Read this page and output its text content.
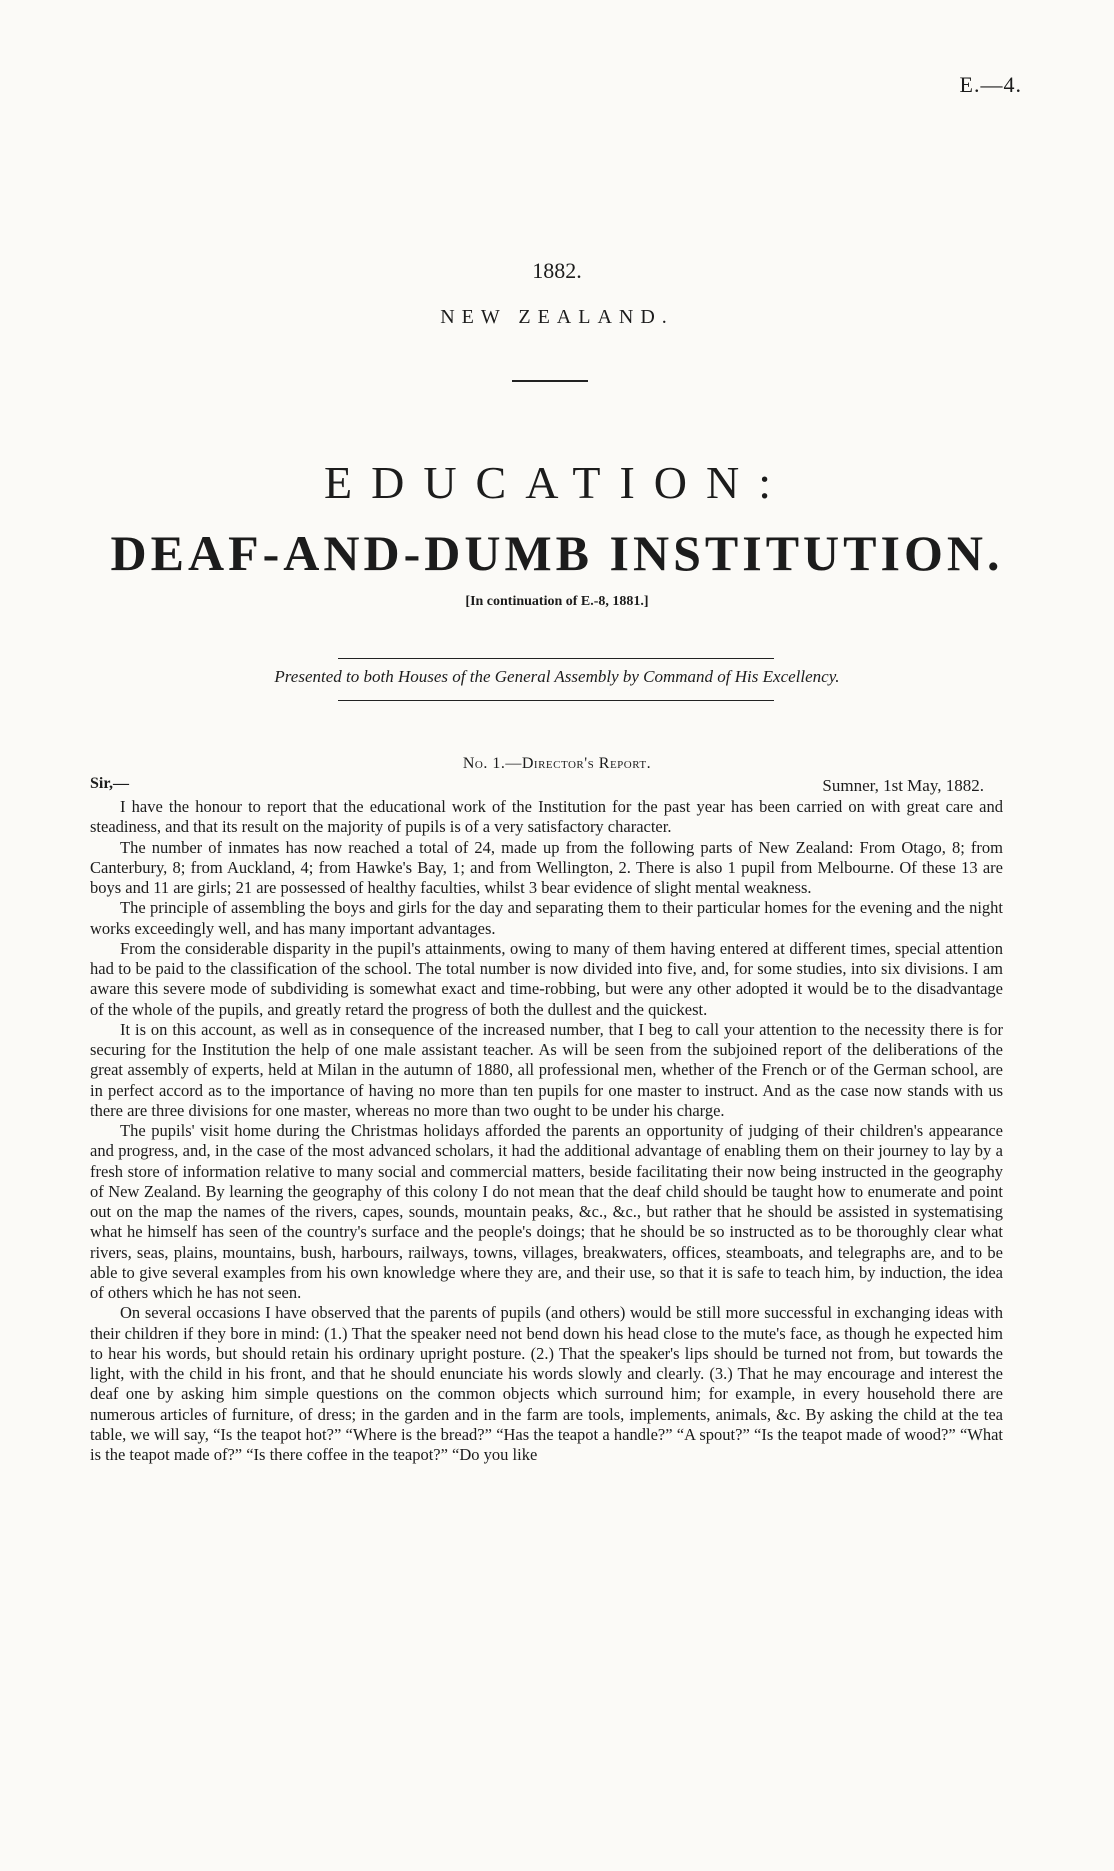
E.—4.
1882.
NEW ZEALAND.
EDUCATION:
DEAF-AND-DUMB INSTITUTION.
[In continuation of E.-8, 1881.]
Presented to both Houses of the General Assembly by Command of His Excellency.
No. 1.—Director's Report.
Sir,—	Sumner, 1st May, 1882.

I have the honour to report that the educational work of the Institution for the past year has been carried on with great care and steadiness, and that its result on the majority of pupils is of a very satisfactory character.

The number of inmates has now reached a total of 24, made up from the following parts of New Zealand: From Otago, 8; from Canterbury, 8; from Auckland, 4; from Hawke's Bay, 1; and from Wellington, 2. There is also 1 pupil from Melbourne. Of these 13 are boys and 11 are girls; 21 are possessed of healthy faculties, whilst 3 bear evidence of slight mental weakness.

The principle of assembling the boys and girls for the day and separating them to their particular homes for the evening and the night works exceedingly well, and has many important advantages.

From the considerable disparity in the pupil's attainments, owing to many of them having entered at different times, special attention had to be paid to the classification of the school. The total number is now divided into five, and, for some studies, into six divisions. I am aware this severe mode of subdividing is somewhat exact and time-robbing, but were any other adopted it would be to the disadvantage of the whole of the pupils, and greatly retard the progress of both the dullest and the quickest.

It is on this account, as well as in consequence of the increased number, that I beg to call your attention to the necessity there is for securing for the Institution the help of one male assistant teacher. As will be seen from the subjoined report of the deliberations of the great assembly of experts, held at Milan in the autumn of 1880, all professional men, whether of the French or of the German school, are in perfect accord as to the importance of having no more than ten pupils for one master to instruct. And as the case now stands with us there are three divisions for one master, whereas no more than two ought to be under his charge.

The pupils' visit home during the Christmas holidays afforded the parents an opportunity of judging of their children's appearance and progress, and, in the case of the most advanced scholars, it had the additional advantage of enabling them on their journey to lay by a fresh store of information relative to many social and commercial matters, beside facilitating their now being instructed in the geography of New Zealand. By learning the geography of this colony I do not mean that the deaf child should be taught how to enumerate and point out on the map the names of the rivers, capes, sounds, mountain peaks, &c., &c., but rather that he should be assisted in systematising what he himself has seen of the country's surface and the people's doings; that he should be so instructed as to be thoroughly clear what rivers, seas, plains, mountains, bush, harbours, railways, towns, villages, breakwaters, offices, steamboats, and telegraphs are, and to be able to give several examples from his own knowledge where they are, and their use, so that it is safe to teach him, by induction, the idea of others which he has not seen.

On several occasions I have observed that the parents of pupils (and others) would be still more successful in exchanging ideas with their children if they bore in mind: (1.) That the speaker need not bend down his head close to the mute's face, as though he expected him to hear his words, but should retain his ordinary upright posture. (2.) That the speaker's lips should be turned not from, but towards the light, with the child in his front, and that he should enunciate his words slowly and clearly. (3.) That he may encourage and interest the deaf one by asking him simple questions on the common objects which surround him; for example, in every household there are numerous articles of furniture, of dress; in the garden and in the farm are tools, implements, animals, &c. By asking the child at the tea table, we will say, “Is the teapot hot?” “Where is the bread?” “Has the teapot a handle?” “A spout?” “Is the teapot made of wood?” “What is the teapot made of?” “Is there coffee in the teapot?” “Do you like
